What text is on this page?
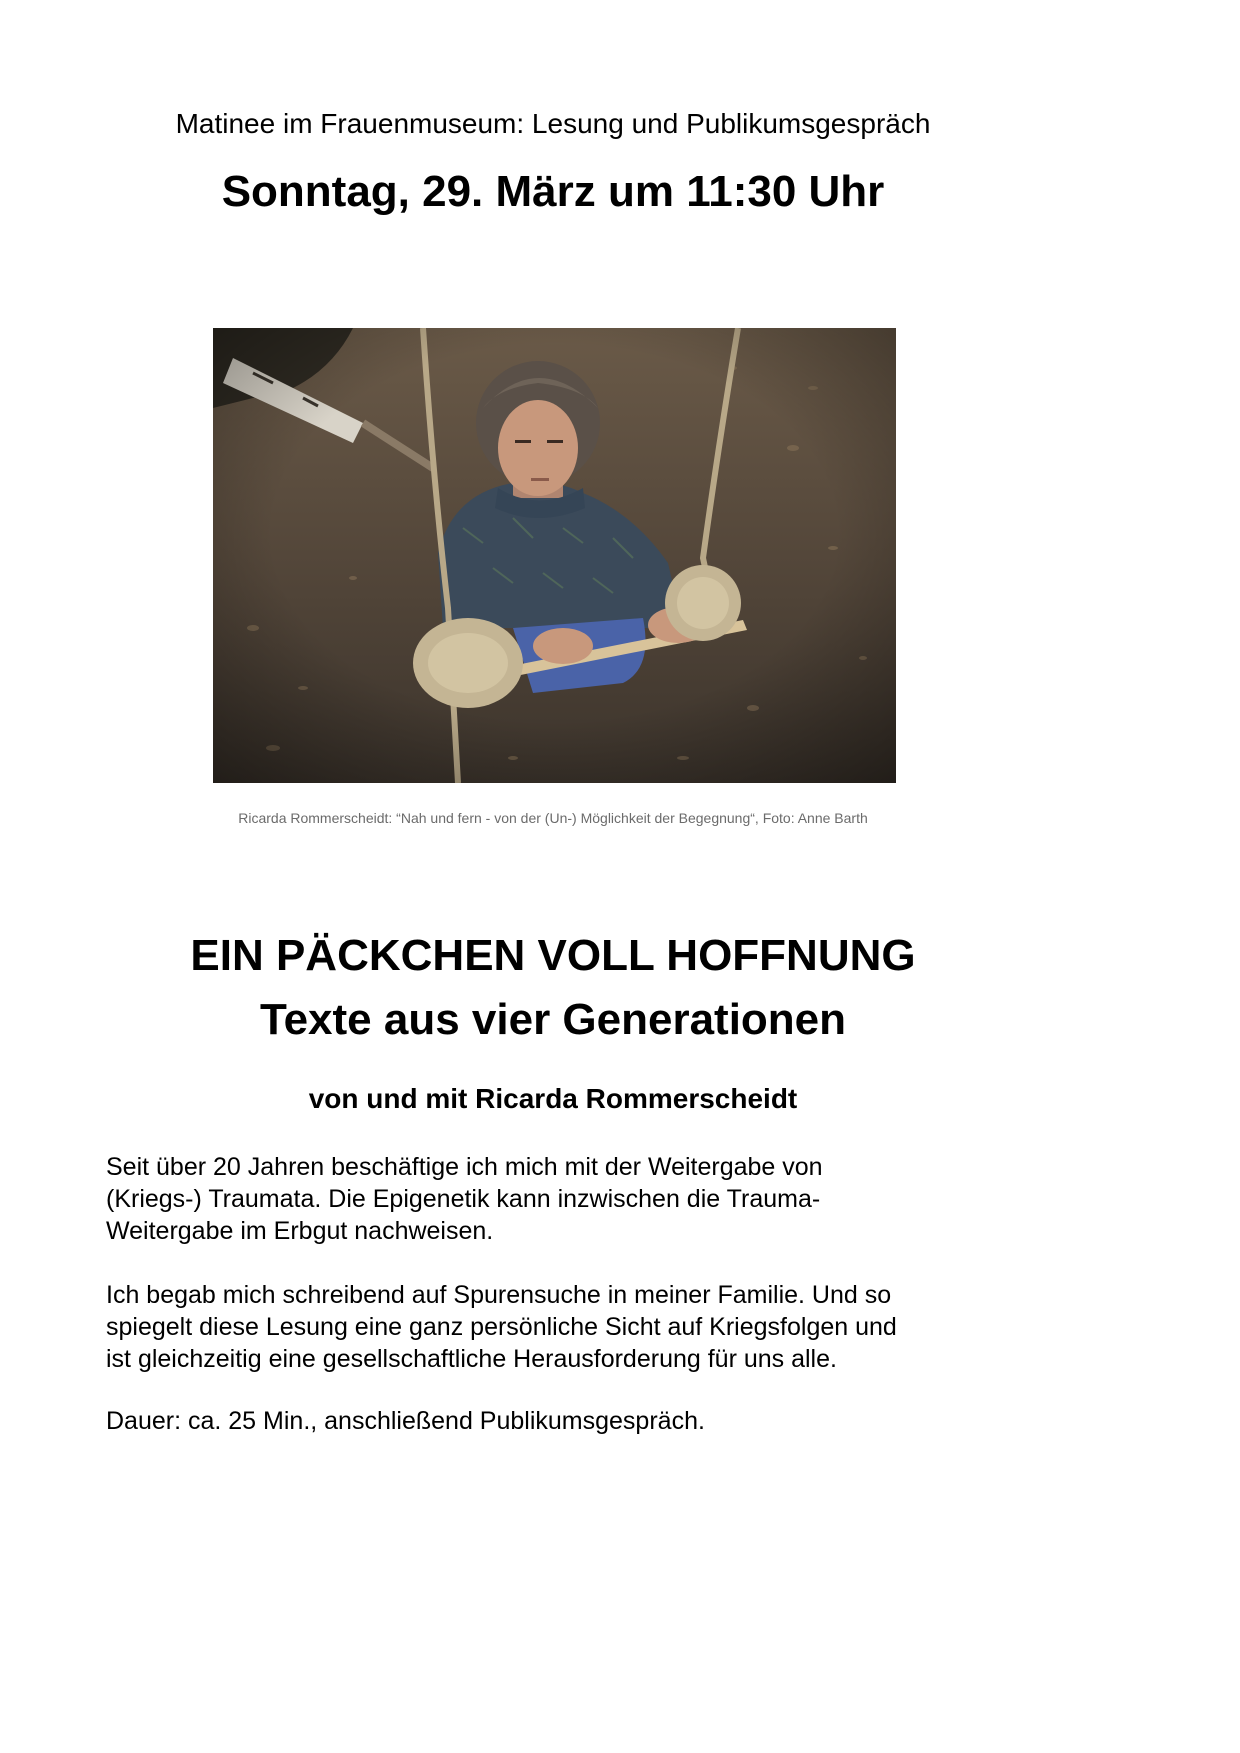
Matinee im Frauenmuseum: Lesung und Publikumsgespräch
Sonntag, 29. März um 11:30 Uhr
Ricarda Rommerscheidt: “Nah und fern - von der (Un-) Möglichkeit der Begegnung“, Foto: Anne Barth
EIN PÄCKCHEN VOLL HOFFNUNG
Texte aus vier Generationen
von und mit Ricarda Rommerscheidt

Seit über 20 Jahren beschäftige ich mich mit der Weitergabe von
(Kriegs-) Traumata. Die Epigenetik kann inzwischen die Trauma-
Weitergabe im Erbgut nachweisen.

Ich begab mich schreibend auf Spurensuche in meiner Familie. Und so
spiegelt diese Lesung eine ganz persönliche Sicht auf Kriegsfolgen und
ist gleichzeitig eine gesellschaftliche Herausforderung für uns alle.

Dauer: ca. 25 Min., anschließend Publikumsgespräch.
